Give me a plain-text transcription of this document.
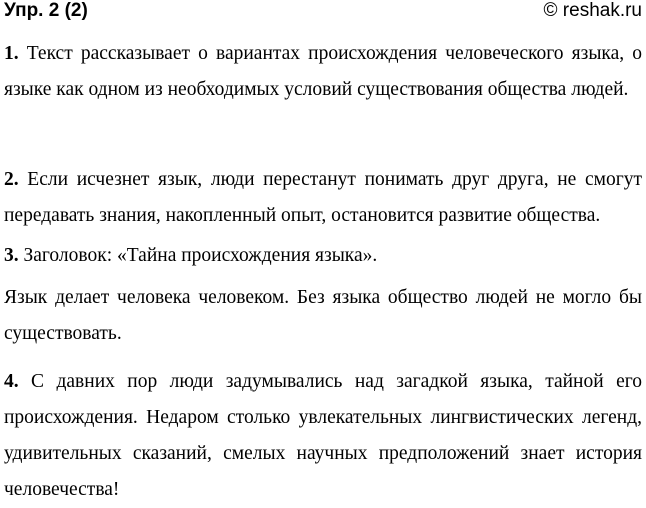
Упр. 2 (2)	© reshak.ru

1. Текст рассказывает о вариантах происхождения человеческого языка, о языке как одном из необходимых условий существования общества людей.

2. Если исчезнет язык, люди перестанут понимать друг друга, не смогут передавать знания, накопленный опыт, остановится развитие общества.

3. Заголовок: «Тайна происхождения языка».

Язык делает человека человеком. Без языка общество людей не могло бы существовать.

4. С давних пор люди задумывались над загадкой языка, тайной его происхождения. Недаром столько увлекательных лингвистических легенд, удивительных сказаний, смелых научных предположений знает история человечества!
